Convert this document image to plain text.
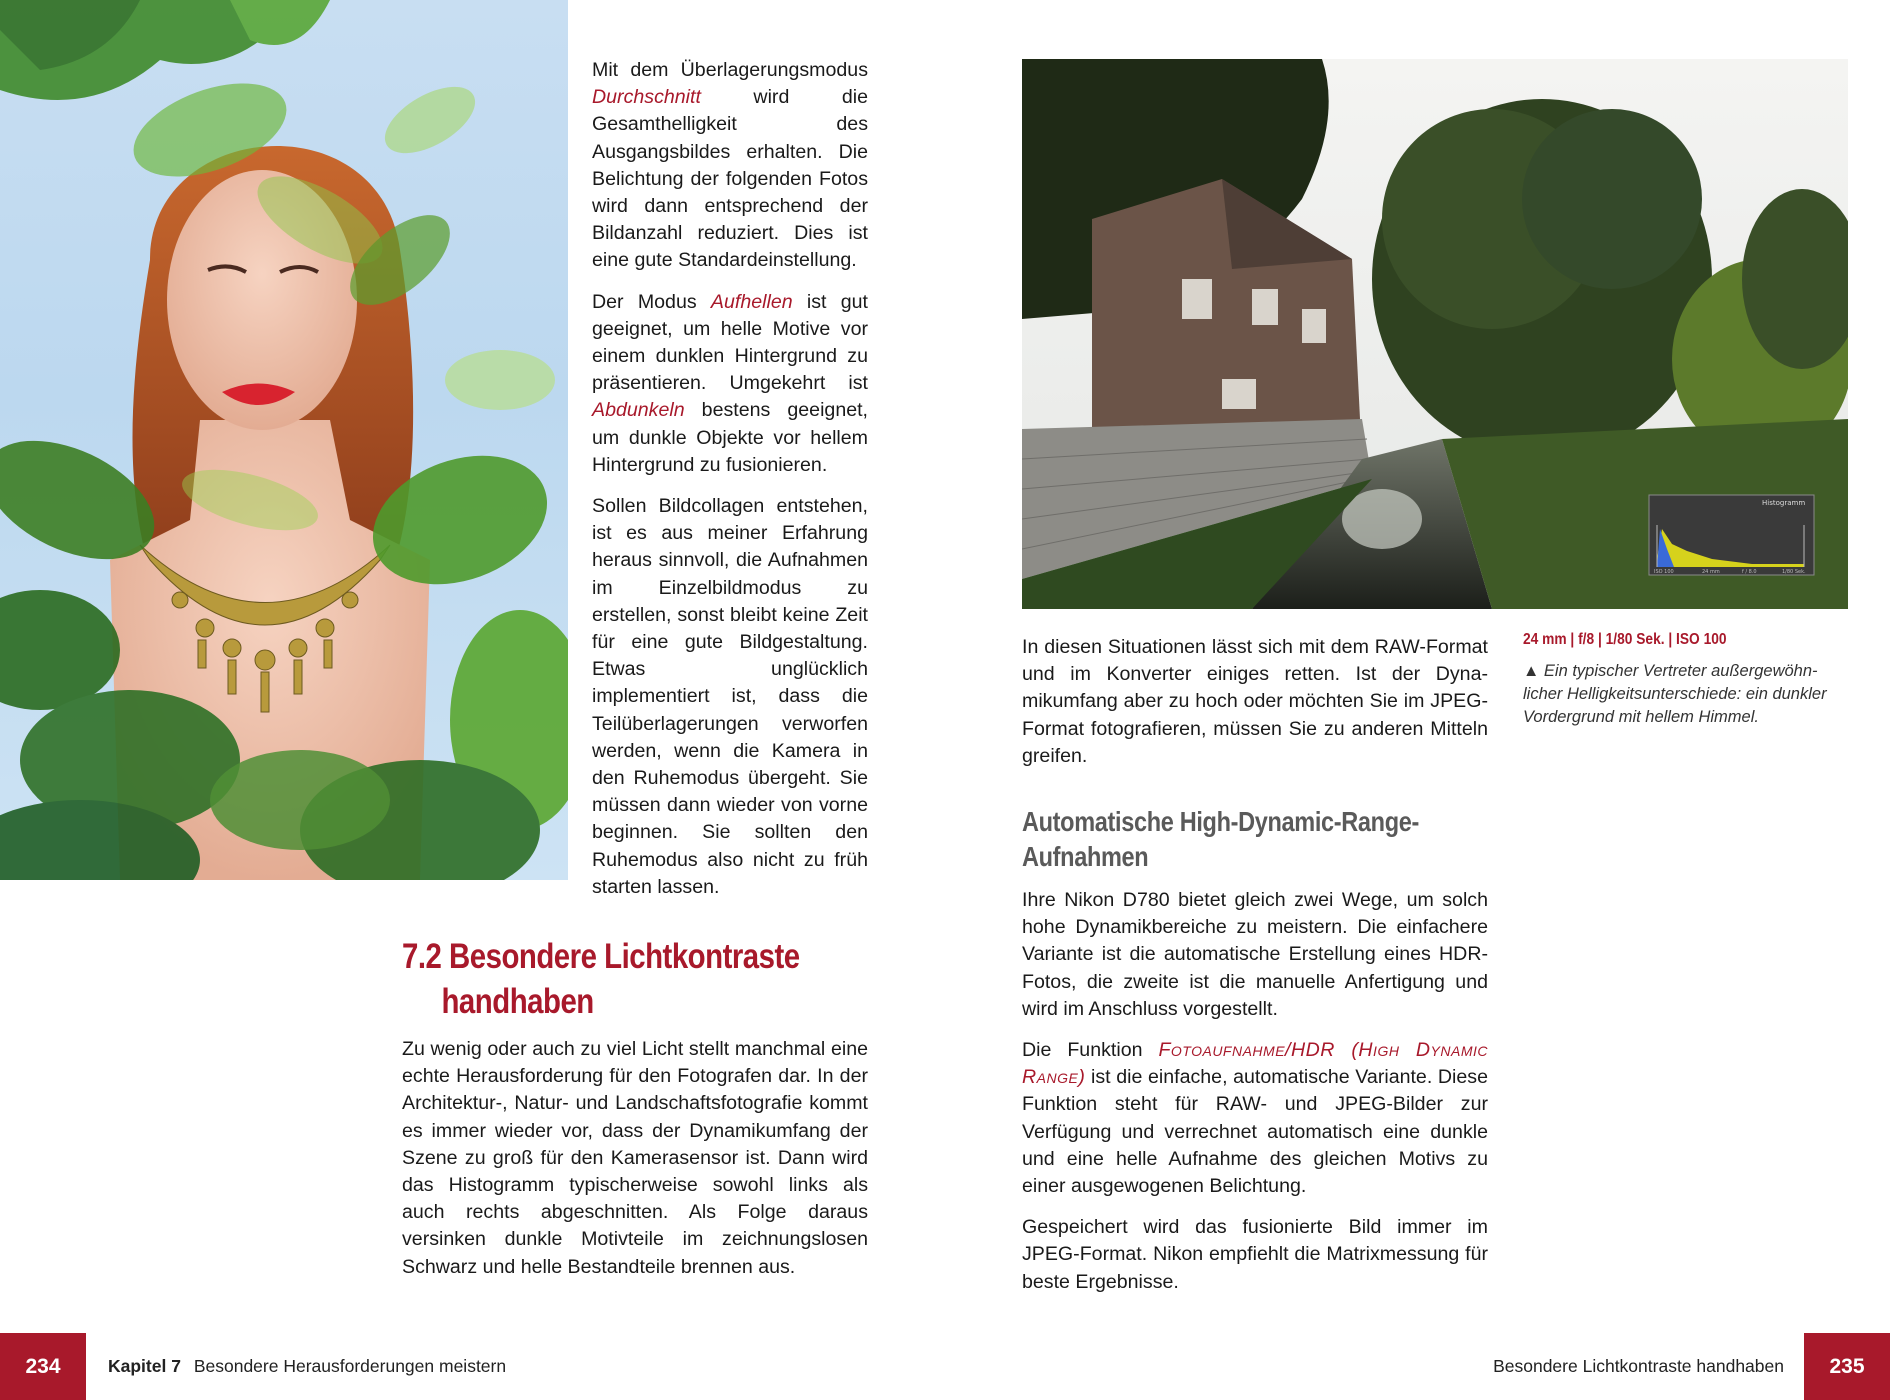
Mit dem Überlagerungsmodus Durchschnitt wird die Gesamthelligkeit des Ausgangsbildes erhalten. Die Belichtung der folgenden Fotos wird dann entsprechend der Bildanzahl reduziert. Dies ist eine gute Standardeinstellung.

Der Modus Aufhellen ist gut geeignet, um helle Motive vor einem dunklen Hintergrund zu präsentieren. Umgekehrt ist Abdunkeln bestens geeignet, um dunkle Objekte vor hellem Hintergrund zu fusionieren.

Sollen Bildcollagen entstehen, ist es aus meiner Erfahrung heraus sinnvoll, die Aufnahmen im Einzelbildmodus zu erstellen, sonst bleibt keine Zeit für eine gute Bildgestaltung. Etwas unglücklich implementiert ist, dass die Teilüberlagerungen verworfen werden, wenn die Kamera in den Ruhemodus übergeht. Sie müssen dann wieder von vorne beginnen. Sie sollten den Ruhemodus also nicht zu früh starten lassen.

7.2 Besondere Lichtkontraste
handhaben

Zu wenig oder auch zu viel Licht stellt manchmal eine echte Herausforderung für den Fotografen dar. In der Architektur-, Natur- und Landschaftsfotografie kommt es immer wieder vor, dass der Dynamikumfang der Szene zu groß für den Kamerasensor ist. Dann wird das Histogramm typischerweise sowohl links als auch rechts abgeschnitten. Als Folge daraus versinken dunkle Motivteile im zeichnungslosen Schwarz und helle Bestandteile brennen aus.

Histogramm
ISO 100	24 mm	f / 8.0	1/80 Sek.
24 mm | f/8 | 1/80 Sek. | ISO 100
▲ Ein typischer Vertreter außergewöhnlicher Helligkeitsunterschiede: ein dunkler Vordergrund mit hellem Himmel.

In diesen Situationen lässt sich mit dem RAW-Format und im Konverter einiges retten. Ist der Dynamikumfang aber zu hoch oder möchten Sie im JPEG-Format fotografieren, müssen Sie zu anderen Mitteln greifen.

Automatische High-Dynamic-Range-
Aufnahmen

Ihre Nikon D780 bietet gleich zwei Wege, um solch hohe Dynamikbereiche zu meistern. Die einfachere Variante ist die automatische Erstellung eines HDR-Fotos, die zweite ist die manuelle Anfertigung und wird im Anschluss vorgestellt.

Die Funktion Fotoaufnahme/HDR (High Dynamic Range) ist die einfache, automatische Variante. Diese Funktion steht für RAW- und JPEG-Bilder zur Verfügung und verrechnet automatisch eine dunkle und eine helle Aufnahme des gleichen Motivs zu einer ausgewogenen Belichtung.

Gespeichert wird das fusionierte Bild immer im JPEG-Format. Nikon empfiehlt die Matrixmessung für beste Ergebnisse.

234	Kapitel 7 Besondere Herausforderungen meistern	Besondere Lichtkontraste handhaben	235
